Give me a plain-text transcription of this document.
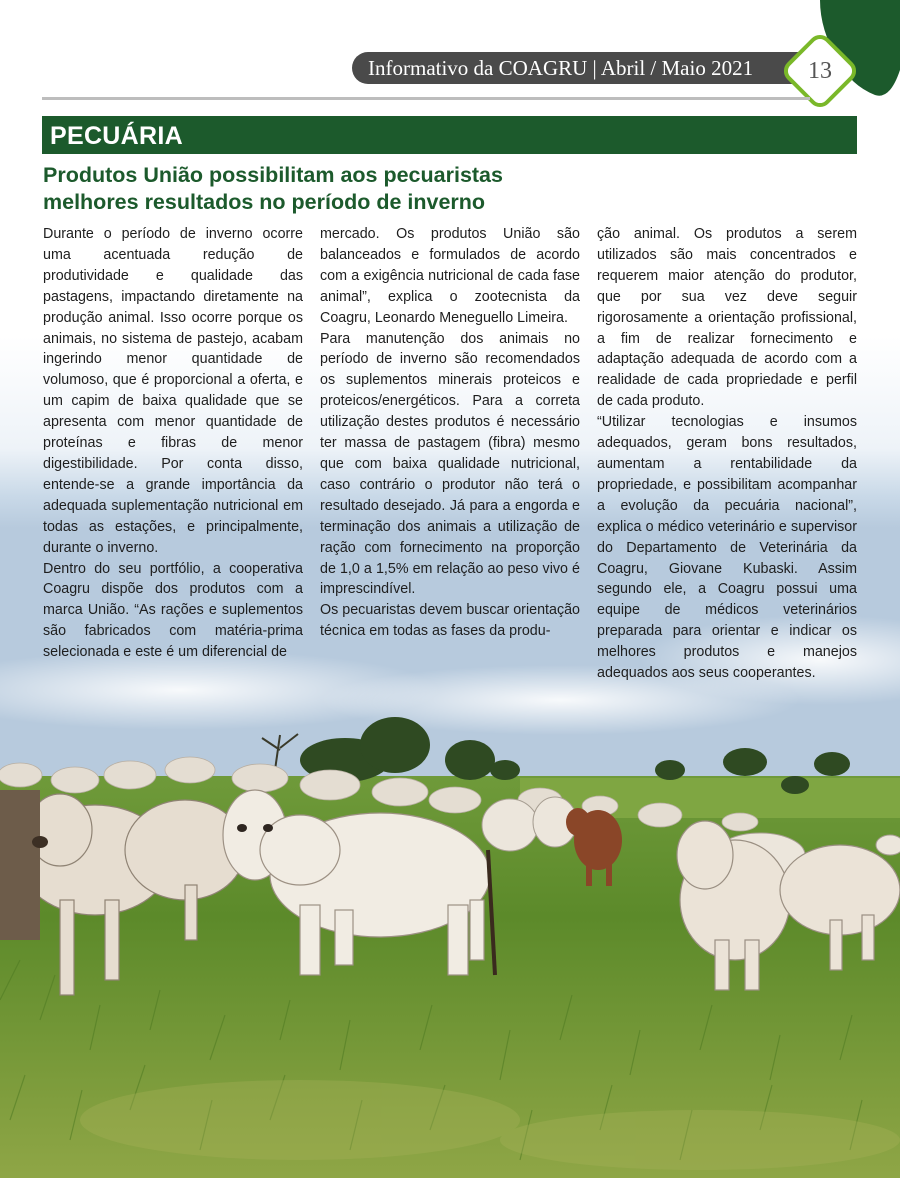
Informativo da COAGRU | Abril / Maio 2021	13
PECUÁRIA
Produtos União possibilitam aos pecuaristas melhores resultados no período de inverno

Durante o período de inverno ocorre uma acentuada redução de produtividade e qualidade das pastagens, impactando diretamente na produção animal. Isso ocorre porque os animais, no sistema de pastejo, acabam ingerindo menor quantidade de volumoso, que é proporcional a oferta, e um capim de baixa qualidade que se apresenta com menor quantidade de proteínas e fibras de menor digestibilidade. Por conta disso, entende-se a grande importância da adequada suplementação nutricional em todas as estações, e principalmente, durante o inverno.

Dentro do seu portfólio, a cooperativa Coagru dispõe dos produtos com a marca União. “As rações e suplementos são fabricados com matéria-prima selecionada e este é um diferencial de

mercado. Os produtos União são balanceados e formulados de acordo com a exigência nutricional de cada fase animal”, explica o zootecnista da Coagru, Leonardo Meneguello Limeira.

Para manutenção dos animais no período de inverno são recomendados os suplementos minerais proteicos e proteicos/energéticos. Para a correta utilização destes produtos é necessário ter massa de pastagem (fibra) mesmo que com baixa qualidade nutricional, caso contrário o produtor não terá o resultado desejado. Já para a engorda e terminação dos animais a utilização de ração com fornecimento na proporção de 1,0 a 1,5% em relação ao peso vivo é imprescindível.

Os pecuaristas devem buscar orientação técnica em todas as fases da produ-

ção animal. Os produtos a serem utilizados são mais concentrados e requerem maior atenção do produtor, que por sua vez deve seguir rigorosamente a orientação profissional, a fim de realizar fornecimento e adaptação adequada de acordo com a realidade de cada propriedade e perfil de cada produto.

“Utilizar tecnologias e insumos adequados, geram bons resultados, aumentam a rentabilidade da propriedade, e possibilitam acompanhar a evolução da pecuária nacional”, explica o médico veterinário e supervisor do Departamento de Veterinária da Coagru, Giovane Kubaski. Assim segundo ele, a Coagru possui uma equipe de médicos veterinários preparada para orientar e indicar os melhores produtos e manejos adequados aos seus cooperantes.
